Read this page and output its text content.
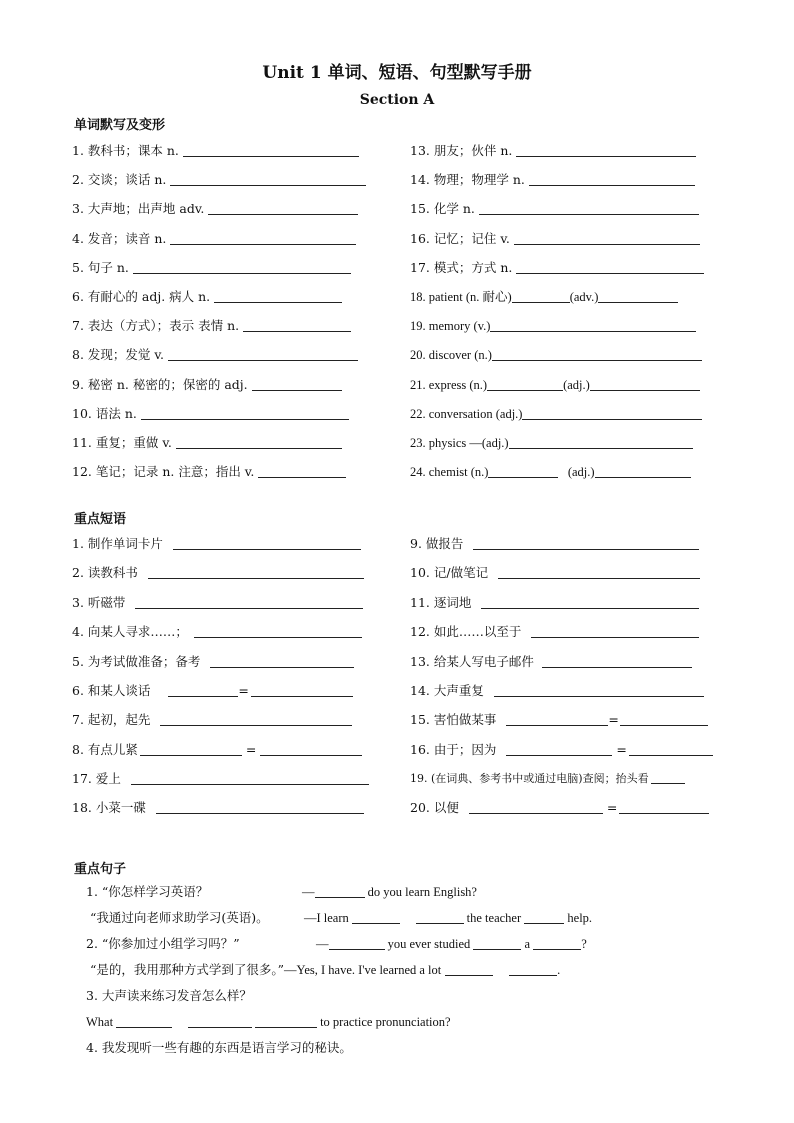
Unit 1 单词、短语、句型默写手册
Section A
单词默写及变形
1. 教科书；课本 n.
2. 交谈；谈话 n.
3. 大声地；出声地 adv.
4. 发音；读音 n.
5. 句子 n.
6. 有耐心的 adj. 病人 n.
7. 表达（方式）；表示 表情 n.
8. 发现；发觉 v.
9. 秘密 n. 秘密的；保密的 adj.
10. 语法 n.
11. 重复；重做 v.
12. 笔记；记录 n. 注意；指出 v.
13. 朋友；伙伴 n.
14. 物理；物理学 n.
15. 化学 n.
16. 记忆；记住 v.
17. 模式；方式 n.
18. patient (n. 耐心)	(adv.)
19. memory (v.)
20. discover (n.)
21. express (n.)	(adj.)
22. conversation (adj.)
23. physics —(adj.)
24. chemist (n.)	(adj.)
重点短语
1. 制作单词卡片
2. 读教科书
3. 听磁带
4. 向某人寻求……；
5. 为考试做准备；备考
6. 和某人谈话	=
7. 起初，起先
8. 有点儿紧	=
17. 爱上
18. 小菜一碟
9. 做报告
10. 记/做笔记
11. 逐词地
12. 如此……以至于
13. 给某人写电子邮件
14. 大声重复
15. 害怕做某事	=
16. 由于；因为	=
19. (在词典、参考书中或通过电脑)查阅；抬头看
20. 以便	=
重点句子
1. “你怎样学习英语？	—	do you learn English?
“我通过向老师求助学习(英语)。	—I learn	the teacher	help.
2. “你参加过小组学习吗？”	—	you ever studied	a	?
“是的，我用那种方式学到了很多。”—Yes, I have. I've learned a lot	.
3. 大声读来练习发音怎么样？
What	to practice pronunciation?
4. 我发现听一些有趣的东西是语言学习的秘诀。
